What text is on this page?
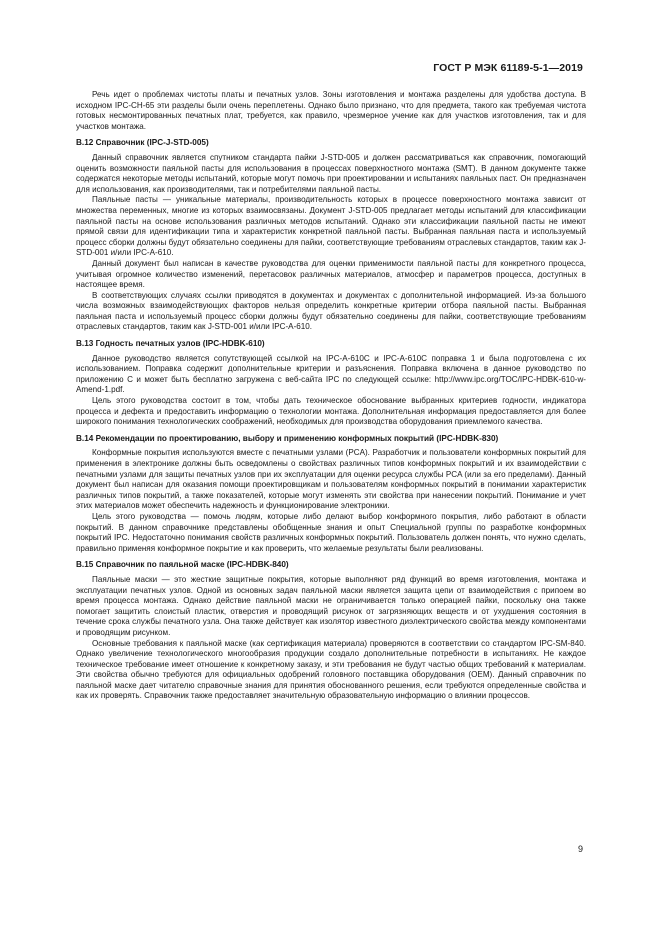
ГОСТ Р МЭК 61189-5-1—2019

Речь идет о проблемах чистоты платы и печатных узлов. Зоны изготовления и монтажа разделены для удобства доступа. В исходном IPC-CH-65 эти разделы были очень переплетены. Однако было признано, что для предмета, такого как требуемая чистота готовых несмонтированных печатных плат, требуется, как правило, чрезмерное учение как для участков изготовления, так и для участков монтажа.

В.12 Справочник (IPC-J-STD-005)

Данный справочник является спутником стандарта пайки J-STD-005 и должен рассматриваться как справочник, помогающий оценить возможности паяльной пасты для использования в процессах поверхностного монтажа (SMT). В данном документе также содержатся некоторые методы испытаний, которые могут помочь при проектировании и испытаниях паяльных паст. Он предназначен для использования, как производителями, так и потребителями паяльной пасты.

Паяльные пасты — уникальные материалы, производительность которых в процессе поверхностного монтажа зависит от множества переменных, многие из которых взаимосвязаны. Документ J-STD-005 предлагает методы испытаний для классификации паяльной пасты на основе использования различных методов испытаний. Однако эти классификации паяльной пасты не имеют прямой связи для идентификации типа и характеристик конкретной паяльной пасты. Выбранная паяльная паста и используемый процесс сборки должны будут обязательно соединены для пайки, соответствующие требованиям отраслевых стандартов, таким как J-STD-001 и/или IPC-A-610.

Данный документ был написан в качестве руководства для оценки применимости паяльной пасты для конкретного процесса, учитывая огромное количество изменений, перетасовок различных материалов, атмосфер и параметров процесса, доступных в настоящее время.

В соответствующих случаях ссылки приводятся в документах и документах с дополнительной информацией. Из-за большого числа возможных взаимодействующих факторов нельзя определить конкретные критерии отбора паяльной пасты. Выбранная паяльная паста и используемый процесс сборки должны будут обязательно соединены для пайки, соответствующие требованиям отраслевых стандартов, таким как J-STD-001 и/или IPC-A-610.

В.13 Годность печатных узлов (IPC-HDBK-610)

Данное руководство является сопутствующей ссылкой на IPC-A-610C и IPC-A-610C поправка 1 и была подготовлена с их использованием. Поправка содержит дополнительные критерии и разъяснения. Поправка включена в данное руководство по приложению С и может быть бесплатно загружена с веб-сайта IPC по следующей ссылке: http://www.ipc.org/TOC/IPC-HDBK-610-w-Amend-1.pdf.

Цель этого руководства состоит в том, чтобы дать техническое обоснование выбранных критериев годности, индикатора процесса и дефекта и предоставить информацию о технологии монтажа. Дополнительная информация предоставляется для более широкого понимания технологических соображений, необходимых для производства оборудования приемлемого качества.

В.14 Рекомендации по проектированию, выбору и применению конформных покрытий (IPC-HDBK-830)

Конформные покрытия используются вместе с печатными узлами (PCA). Разработчик и пользователи конформных покрытий для применения в электронике должны быть осведомлены о свойствах различных типов конформных покрытий и их взаимодействии с печатными узлами для защиты печатных узлов при их эксплуатации для оценки ресурса службы PCA (или за его пределами). Данный документ был написан для оказания помощи проектировщикам и пользователям конформных покрытий в понимании характеристик различных типов покрытий, а также показателей, которые могут изменять эти свойства при нанесении покрытий. Понимание и учет этих материалов может обеспечить надежность и функционирование электроники.

Цель этого руководства — помочь людям, которые либо делают выбор конформного покрытия, либо работают в области покрытий. В данном справочнике представлены обобщенные знания и опыт Специальной группы по разработке конформных покрытий IPC. Недостаточно понимания свойств различных конформных покрытий. Пользователь должен понять, что нужно сделать, правильно применяя конформное покрытие и как проверить, что желаемые результаты были реализованы.

В.15 Справочник по паяльной маске (IPC-HDBK-840)

Паяльные маски — это жесткие защитные покрытия, которые выполняют ряд функций во время изготовления, монтажа и эксплуатации печатных узлов. Одной из основных задач паяльной маски является защита цепи от взаимодействия с припоем во время процесса монтажа. Однако действие паяльной маски не ограничивается только операцией пайки, поскольку она также помогает защитить слоистый пластик, отверстия и проводящий рисунок от загрязняющих веществ и от ухудшения состояния в течение срока службы печатного узла. Она также действует как изолятор известного диэлектрического свойства между компонентами и проводящим рисунком.

Основные требования к паяльной маске (как сертификация материала) проверяются в соответствии со стандартом IPC-SM-840. Однако увеличение технологического многообразия продукции создало дополнительные потребности в испытаниях. Не каждое техническое требование имеет отношение к конкретному заказу, и эти требования не будут частью общих требований к материалам. Эти свойства обычно требуются для официальных одобрений головного поставщика оборудования (OEM). Данный справочник по паяльной маске дает читателю справочные знания для принятия обоснованного решения, если требуются определенные свойства и как их проверять. Справочник также предоставляет значительную образовательную информацию о влиянии процессов.

9
